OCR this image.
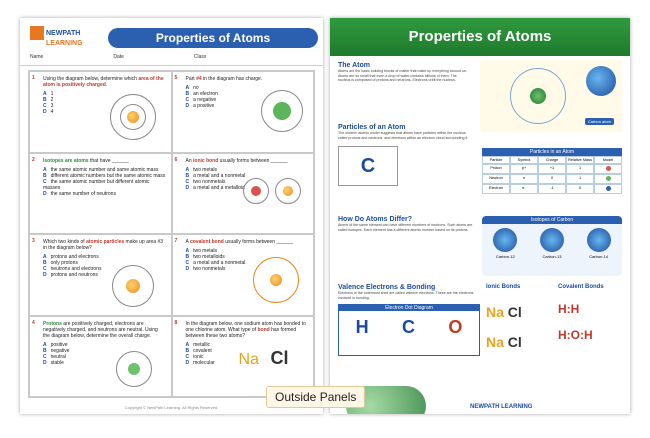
NEWPATH
LEARNING	Properties of Atoms
Name	Date	Class
1 Using the diagram below, determine which area of the atom is positively charged.
A 1
B 2
C 3
D 4
5 Part #4 in the diagram has charge.
A no
B an electron
C a negative
D a positive
2 Isotopes are atoms that have ______
A the same atomic number and same atomic mass
B different atomic numbers but the same atomic mass
C the same atomic number but different atomic masses
D the same number of neutrons
6 An ionic bond usually forms between ______
A two metals
B a metal and a nonmetal
C two nonmetals
D a metal and a metalloid
3 Which two kinds of atomic particles make up area #3 in the diagram below?
A protons and electrons
B only protons
C neutrons and electrons
D protons and neutrons
7 A covalent bond usually forms between ______
A two metals
B two metalloids
C a metal and a nonmetal
D two nonmetals
4 Protons are positively charged, electrons are negatively charged, and neutrons are neutral. Using the diagram below, determine the overall charge.
A positive
B negative
C neutral
D stable
8 In the diagram below, one sodium atom has bonded to one chlorine atom. What type of bond has formed between these two atoms?
A metallic
B covalent
C ionic
D molecular	Na Cl
Copyright © NewPath Learning. All Rights Reserved.
Properties of Atoms
The Atom
Atoms are the basic building blocks of matter that make up everything around us. Atoms are so small that even a drop of water contains billions of them. The nucleus is composed of protons and neutrons. Electrons orbit the nucleus.
Carbon atom
Particles of an Atom
The modern atomic model suggests that atoms have particles within the nucleus called protons and neutrons, and electrons within an electron cloud surrounding it.
C
Particles in an Atom
Particle	Symbol	Charge	Relative Mass	Model
Proton	p+	+1	1
Neutron	n	0	1
Electron	e-	-1	0
How Do Atoms Differ?
Atoms of the same element can have different numbers of neutrons. Such atoms are called isotopes. Each element has a different atomic number based on its protons.
Isotopes of Carbon
Carbon-12	Carbon-13	Carbon-14
Valence Electrons & Bonding
Electrons in the outermost shell are called valence electrons. These are the electrons involved in bonding.
Electron Dot Diagram
H C O
Ionic Bonds
Na Cl
Na Cl
Covalent Bonds
H:H
H:O:H
NEWPATH LEARNING
Outside Panels
